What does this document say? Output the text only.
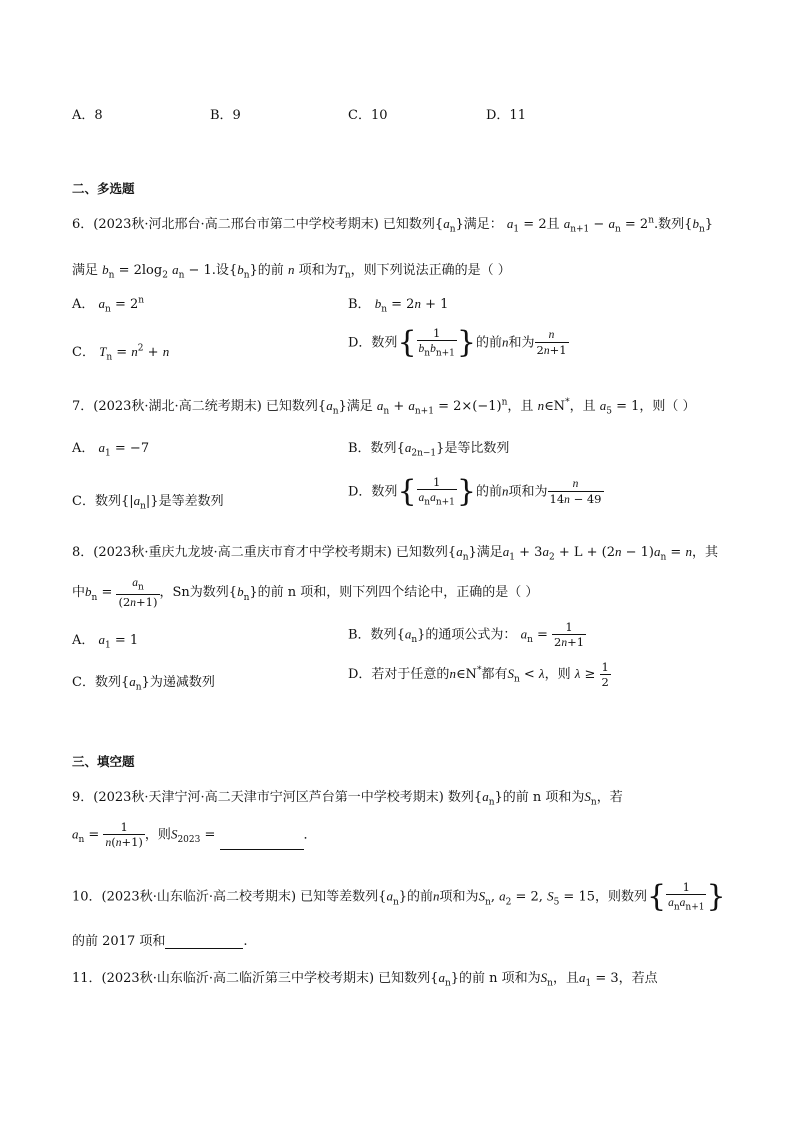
A．8	B．9	C．10	D．11
二、多选题
6．(2023秋·河北邢台·高二邢台市第二中学校考期末) 已知数列$\{a_n\}$满足： $a_1 = 2$且 $a_{n+1} - a_n = 2^n$.数列$\{b_n\}$
满足 $b_n = 2\log_2$ $a_n - 1$.设$\{b_n\}$的前 n 项和为$T_n$，则下列说法正确的是（ ）
A． $a_n = 2^n$	B． $b_n = 2n + 1$
C． $T_n = n^2 + n$
D．数列{ $\frac{1}{b_nb_{n+1}}$ }的前n和为 $\frac{n}{2n+1}$
7．(2023秋·湖北·高二统考期末) 已知数列$\{a_n\}$满足 $a_n + a_{n+1} = 2\times(-1)^n$，且 n∈N*，且 $a_5 = 1$，则（ ）
A． $a_1 = -7$	B．数列$\{a_{2n-1}\}$是等比数列
C．数列$\{|a_n|\}$是等差数列
D．数列{ $\frac{1}{a_na_{n+1}}$ }的前n项和为 $\frac{n}{14n - 49}$
8．(2023秋·重庆九龙坡·高二重庆市育才中学校考期末) 已知数列$\{a_n\}$满足$a_1 + 3a_2 + L + (2n - 1)a_n = n$，其
中$b_n = \frac{a_n}{(2n+1)}$ ，Sn为数列$\{b_n\}$的前 n 项和，则下列四个结论中，正确的是（ ）
A． $a_1 = 1$	B．数列$\{a_n\}$的通项公式为： $a_n = \frac{1}{2n+1}$
C．数列$\{a_n\}$为递减数列
D．若对于任意的n∈N*都有$S_n < \lambda$，则 $\lambda \ge \frac{1}{2}$
三、填空题
9．(2023秋·天津宁河·高二天津市宁河区芦台第一中学校考期末) 数列$\{a_n\}$的前 n 项和为$S_n$，若
$a_n = \frac{1}{n(n+1)}$ ，则$S_{2023}$ =	．
10．(2023秋·山东临沂·高二校考期末) 已知等差数列$\{a_n\}$的前n项和为$S_n$, $a_2 = 2$, $S_5 = 15$，则数列{ $\frac{1}{a_na_{n+1}}$ }
的前 2017 项和	.
11．(2023秋·山东临沂·高二临沂第三中学校考期末) 已知数列$\{a_n\}$的前 n 项和为$S_n$，且$a_1 = 3$，若点
